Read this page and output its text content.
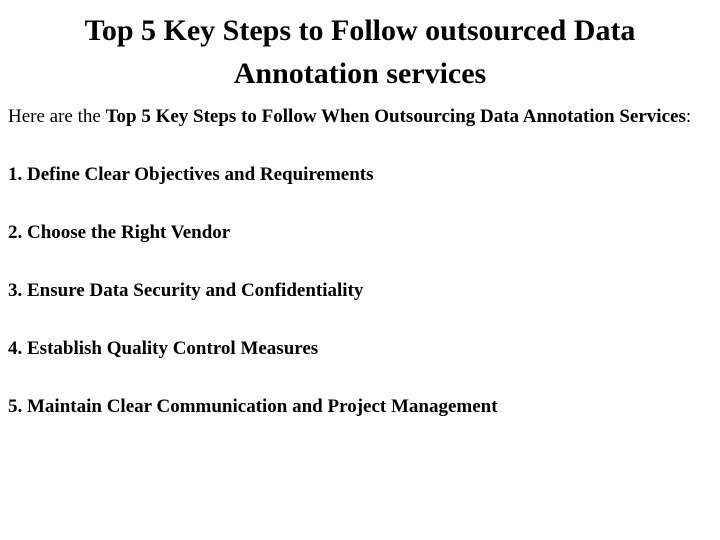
Top 5 Key Steps to Follow outsourced Data Annotation services

Here are the Top 5 Key Steps to Follow When Outsourcing Data Annotation Services:

1. Define Clear Objectives and Requirements
2. Choose the Right Vendor
3. Ensure Data Security and Confidentiality
4. Establish Quality Control Measures
5. Maintain Clear Communication and Project Management
